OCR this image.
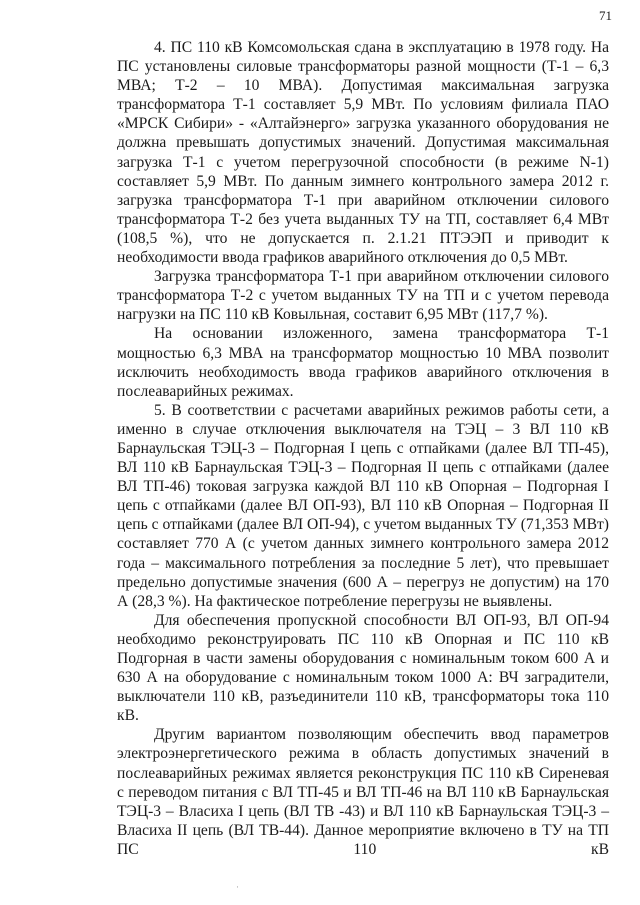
71

4. ПС 110 кВ Комсомольская сдана в эксплуатацию в 1978 году. На ПС установлены силовые трансформаторы разной мощности (Т-1 – 6,3 МВА; Т-2 – 10 МВА). Допустимая максимальная загрузка трансформатора Т-1 составляет 5,9 МВт. По условиям филиала ПАО «МРСК Сибири» - «Алтайэнерго» загрузка указанного оборудования не должна превышать допустимых значений. Допустимая максимальная загрузка Т-1 с учетом перегрузочной способности (в режиме N-1) составляет 5,9 МВт. По данным зимнего контрольного замера 2012 г. загрузка трансформатора Т-1 при аварийном отключении силового трансформатора Т-2 без учета выданных ТУ на ТП, составляет 6,4 МВт (108,5 %), что не допускается п. 2.1.21 ПТЭЭП и приводит к необходимости ввода графиков аварийного отключения до 0,5 МВт.

Загрузка трансформатора Т-1 при аварийном отключении силового трансформатора Т-2 с учетом выданных ТУ на ТП и с учетом перевода нагрузки на ПС 110 кВ Ковыльная, составит 6,95 МВт (117,7 %).

На основании изложенного, замена трансформатора Т-1 мощностью 6,3 МВА на трансформатор мощностью 10 МВА позволит исключить необходимость ввода графиков аварийного отключения в послеаварийных режимах.

5. В соответствии с расчетами аварийных режимов работы сети, а именно в случае отключения выключателя на ТЭЦ – 3 ВЛ 110 кВ Барнаульская ТЭЦ-3 – Подгорная I цепь с отпайками (далее ВЛ ТП-45), ВЛ 110 кВ Барнаульская ТЭЦ-3 – Подгорная II цепь с отпайками (далее ВЛ ТП-46) токовая загрузка каждой ВЛ 110 кВ Опорная – Подгорная I цепь с отпайками (далее ВЛ ОП-93), ВЛ 110 кВ Опорная – Подгорная II цепь с отпайками (далее ВЛ ОП-94), с учетом выданных ТУ (71,353 МВт) составляет 770 А (с учетом данных зимнего контрольного замера 2012 года – максимального потребления за последние 5 лет), что превышает предельно допустимые значения (600 А – перегруз не допустим) на 170 А (28,3 %). На фактическое потребление перегрузы не выявлены.

Для обеспечения пропускной способности ВЛ ОП-93, ВЛ ОП-94 необходимо реконструировать ПС 110 кВ Опорная и ПС 110 кВ Подгорная в части замены оборудования с номинальным током 600 А и 630 А на оборудование с номинальным током 1000 А: ВЧ заградители, выключатели 110 кВ, разъединители 110 кВ, трансформаторы тока 110 кВ.

Другим вариантом позволяющим обеспечить ввод параметров электроэнергетического режима в область допустимых значений в послеаварийных режимах является реконструкция ПС 110 кВ Сиреневая с переводом питания с ВЛ ТП-45 и ВЛ ТП-46 на ВЛ 110 кВ Барнаульская ТЭЦ-3 – Власиха I цепь (ВЛ ТВ -43) и ВЛ 110 кВ Барнаульская ТЭЦ-3 – Власиха II цепь (ВЛ ТВ-44). Данное мероприятие включено в ТУ на ТП ПС 110 кВ

·
